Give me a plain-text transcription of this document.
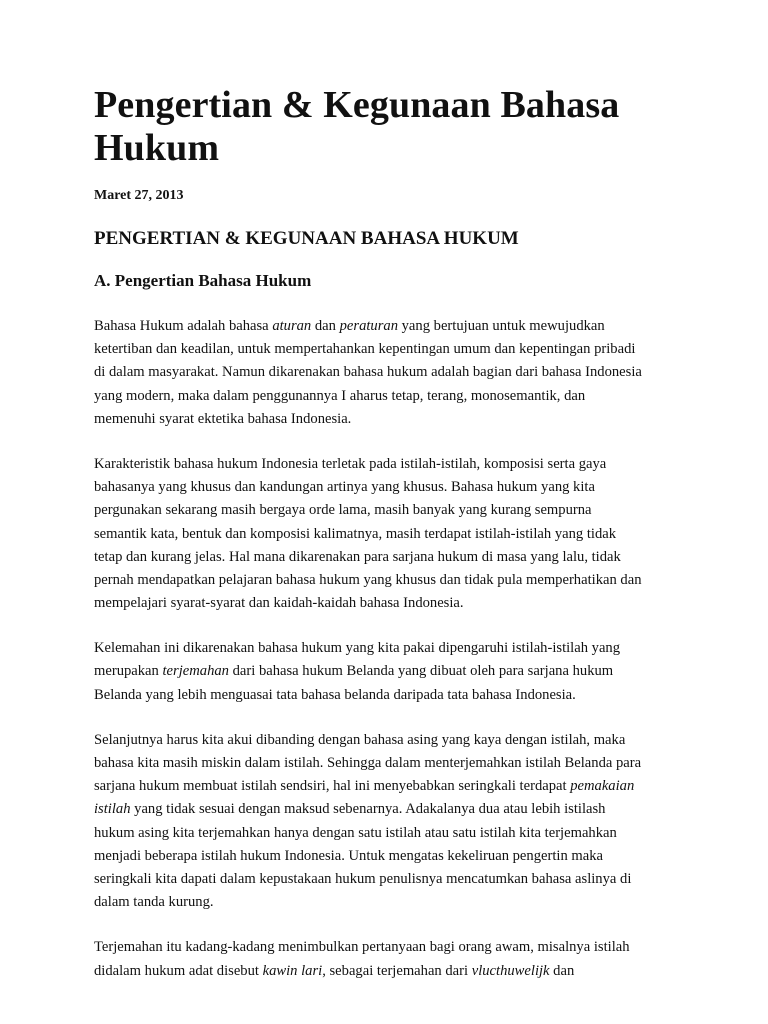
Pengertian & Kegunaan Bahasa
Hukum
Maret 27, 2013
PENGERTIAN & KEGUNAAN BAHASA HUKUM
A. Pengertian Bahasa Hukum
Bahasa Hukum adalah bahasa aturan dan peraturan yang bertujuan untuk mewujudkan
ketertiban dan keadilan, untuk mempertahankan kepentingan umum dan kepentingan pribadi
di dalam masyarakat. Namun dikarenakan bahasa hukum adalah bagian dari bahasa Indonesia
yang modern, maka dalam penggunannya I aharus tetap, terang, monosemantik, dan
memenuhi syarat ektetika bahasa Indonesia.
Karakteristik bahasa hukum Indonesia terletak pada istilah-istilah, komposisi serta gaya
bahasanya yang khusus dan kandungan artinya yang khusus. Bahasa hukum yang kita
pergunakan sekarang masih bergaya orde lama, masih banyak yang kurang sempurna
semantik kata, bentuk dan komposisi kalimatnya, masih terdapat istilah-istilah yang tidak
tetap dan kurang jelas. Hal mana dikarenakan para sarjana hukum di masa yang lalu, tidak
pernah mendapatkan pelajaran bahasa hukum yang khusus dan tidak pula memperhatikan dan
mempelajari syarat-syarat dan kaidah-kaidah bahasa Indonesia.
Kelemahan ini dikarenakan bahasa hukum yang kita pakai dipengaruhi istilah-istilah yang
merupakan terjemahan dari bahasa hukum Belanda yang dibuat oleh para sarjana hukum
Belanda yang lebih menguasai tata bahasa belanda daripada tata bahasa Indonesia.
Selanjutnya harus kita akui dibanding dengan bahasa asing yang kaya dengan istilah, maka
bahasa kita masih miskin dalam istilah. Sehingga dalam menterjemahkan istilah Belanda para
sarjana hukum membuat istilah sendsiri, hal ini menyebabkan seringkali terdapat pemakaian
istilah yang tidak sesuai dengan maksud sebenarnya. Adakalanya dua atau lebih istilash
hukum asing kita terjemahkan hanya dengan satu istilah atau satu istilah kita terjemahkan
menjadi beberapa istilah hukum Indonesia. Untuk mengatas kekeliruan pengertin maka
seringkali kita dapati dalam kepustakaan hukum penulisnya mencatumkan bahasa aslinya di
dalam tanda kurung.
Terjemahan itu kadang-kadang menimbulkan pertanyaan bagi orang awam, misalnya istilah
didalam hukum adat disebut kawin lari, sebagai terjemahan dari vlucthuwelijk dan
